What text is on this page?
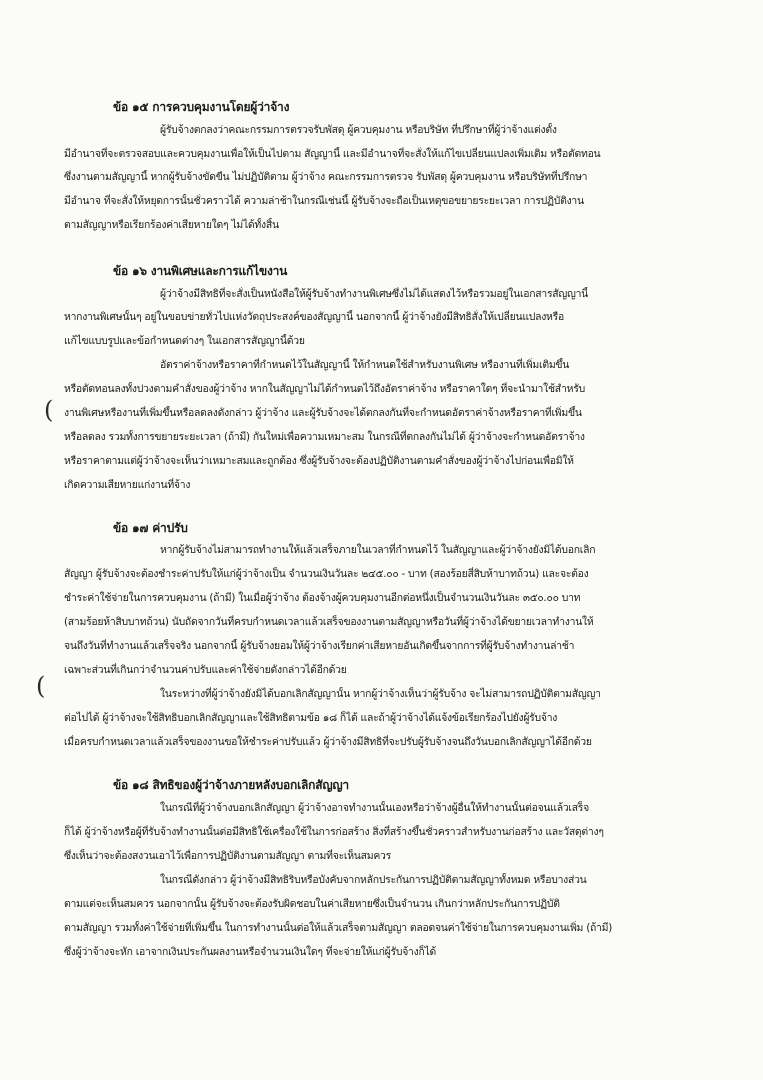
ข้อ ๑๕ การควบคุมงานโดยผู้ว่าจ้าง
ผู้รับจ้างตกลงว่าคณะกรรมการตรวจรับพัสดุ ผู้ควบคุมงาน หรือบริษัท ที่ปรึกษาที่ผู้ว่าจ้างแต่งตั้ง
มีอำนาจที่จะตรวจสอบและควบคุมงานเพื่อให้เป็นไปตาม สัญญานี้ และมีอำนาจที่จะสั่งให้แก้ไขเปลี่ยนแปลงเพิ่มเติม หรือตัดทอน
ซึ่งงานตามสัญญานี้ หากผู้รับจ้างขัดขืน ไม่ปฏิบัติตาม ผู้ว่าจ้าง คณะกรรมการตรวจ รับพัสดุ ผู้ควบคุมงาน หรือบริษัทที่ปรึกษา
มีอำนาจ ที่จะสั่งให้หยุดการนั้นชั่วคราวได้ ความล่าช้าในกรณีเช่นนี้ ผู้รับจ้างจะถือเป็นเหตุขอขยายระยะเวลา การปฏิบัติงาน
ตามสัญญาหรือเรียกร้องค่าเสียหายใดๆ ไม่ได้ทั้งสิ้น
ข้อ ๑๖ งานพิเศษและการแก้ไขงาน
ผู้ว่าจ้างมีสิทธิที่จะสั่งเป็นหนังสือให้ผู้รับจ้างทำงานพิเศษซึ่งไม่ได้แสดงไว้หรือรวมอยู่ในเอกสารสัญญานี้
หากงานพิเศษนั้นๆ อยู่ในขอบข่ายทั่วไปแห่งวัตถุประสงค์ของสัญญานี้ นอกจากนี้ ผู้ว่าจ้างยังมีสิทธิสั่งให้เปลี่ยนแปลงหรือ
แก้ไขแบบรูปและข้อกำหนดต่างๆ ในเอกสารสัญญานี้ด้วย
อัตราค่าจ้างหรือราคาที่กำหนดไว้ในสัญญานี้ ให้กำหนดใช้สำหรับงานพิเศษ หรืองานที่เพิ่มเติมขึ้น
หรือตัดทอนลงทั้งปวงตามคำสั่งของผู้ว่าจ้าง หากในสัญญาไม่ได้กำหนดไว้ถึงอัตราค่าจ้าง หรือราคาใดๆ ที่จะนำมาใช้สำหรับ
งานพิเศษหรืองานที่เพิ่มขึ้นหรือลดลงดังกล่าว ผู้ว่าจ้าง และผู้รับจ้างจะได้ตกลงกันที่จะกำหนดอัตราค่าจ้างหรือราคาที่เพิ่มขึ้น
หรือลดลง รวมทั้งการขยายระยะเวลา (ถ้ามี) กันใหม่เพื่อความเหมาะสม ในกรณีที่ตกลงกันไม่ได้ ผู้ว่าจ้างจะกำหนดอัตราจ้าง
หรือราคาตามแต่ผู้ว่าจ้างจะเห็นว่าเหมาะสมและถูกต้อง ซึ่งผู้รับจ้างจะต้องปฏิบัติงานตามคำสั่งของผู้ว่าจ้างไปก่อนเพื่อมิให้
เกิดความเสียหายแก่งานที่จ้าง
(
ข้อ ๑๗ ค่าปรับ
หากผู้รับจ้างไม่สามารถทำงานให้แล้วเสร็จภายในเวลาที่กำหนดไว้ ในสัญญาและผู้ว่าจ้างยังมิได้บอกเลิก
สัญญา ผู้รับจ้างจะต้องชำระค่าปรับให้แก่ผู้ว่าจ้างเป็น จำนวนเงินวันละ ๒๔๕.๐๐ - บาท (สองร้อยสี่สิบห้าบาทถ้วน) และจะต้อง
ชำระค่าใช้จ่ายในการควบคุมงาน (ถ้ามี) ในเมื่อผู้ว่าจ้าง ต้องจ้างผู้ควบคุมงานอีกต่อหนึ่งเป็นจำนวนเงินวันละ ๓๕๐.๐๐ บาท
(สามร้อยห้าสิบบาทถ้วน) นับถัดจากวันที่ครบกำหนดเวลาแล้วเสร็จของงานตามสัญญาหรือวันที่ผู้ว่าจ้างได้ขยายเวลาทำงานให้
จนถึงวันที่ทำงานแล้วเสร็จจริง นอกจากนี้ ผู้รับจ้างยอมให้ผู้ว่าจ้างเรียกค่าเสียหายอันเกิดขึ้นจากการที่ผู้รับจ้างทำงานล่าช้า
เฉพาะส่วนที่เกินกว่าจำนวนค่าปรับและค่าใช้จ่ายดังกล่าวได้อีกด้วย
ในระหว่างที่ผู้ว่าจ้างยังมิได้บอกเลิกสัญญานั้น หากผู้ว่าจ้างเห็นว่าผู้รับจ้าง จะไม่สามารถปฏิบัติตามสัญญา
ต่อไปได้ ผู้ว่าจ้างจะใช้สิทธิบอกเลิกสัญญาและใช้สิทธิตามข้อ ๑๘ ก็ได้ และถ้าผู้ว่าจ้างได้แจ้งข้อเรียกร้องไปยังผู้รับจ้าง
เมื่อครบกำหนดเวลาแล้วเสร็จของงานขอให้ชำระค่าปรับแล้ว ผู้ว่าจ้างมีสิทธิที่จะปรับผู้รับจ้างจนถึงวันบอกเลิกสัญญาได้อีกด้วย
(
ข้อ ๑๘ สิทธิของผู้ว่าจ้างภายหลังบอกเลิกสัญญา
ในกรณีที่ผู้ว่าจ้างบอกเลิกสัญญา ผู้ว่าจ้างอาจทำงานนั้นเองหรือว่าจ้างผู้อื่นให้ทำงานนั้นต่อจนแล้วเสร็จ
ก็ได้ ผู้ว่าจ้างหรือผู้ที่รับจ้างทำงานนั้นต่อมีสิทธิใช้เครื่องใช้ในการก่อสร้าง สิ่งที่สร้างขึ้นชั่วคราวสำหรับงานก่อสร้าง และวัสดุต่างๆ
ซึ่งเห็นว่าจะต้องสงวนเอาไว้เพื่อการปฏิบัติงานตามสัญญา ตามที่จะเห็นสมควร
ในกรณีดังกล่าว ผู้ว่าจ้างมีสิทธิริบหรือบังคับจากหลักประกันการปฏิบัติตามสัญญาทั้งหมด หรือบางส่วน
ตามแต่จะเห็นสมควร นอกจากนั้น ผู้รับจ้างจะต้องรับผิดชอบในค่าเสียหายซึ่งเป็นจำนวน เกินกว่าหลักประกันการปฏิบัติ
ตามสัญญา รวมทั้งค่าใช้จ่ายที่เพิ่มขึ้น ในการทำงานนั้นต่อให้แล้วเสร็จตามสัญญา ตลอดจนค่าใช้จ่ายในการควบคุมงานเพิ่ม (ถ้ามี)
ซึ่งผู้ว่าจ้างจะหัก เอาจากเงินประกันผลงานหรือจำนวนเงินใดๆ ที่จะจ่ายให้แก่ผู้รับจ้างก็ได้
